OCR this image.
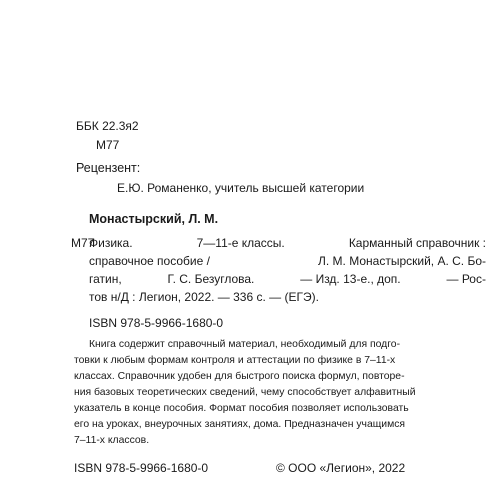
ББК 22.3я2
М77
Рецензент:
Е.Ю. Романенко, учитель высшей категории
Монастырский, Л. М.
М77
Физика.	7—11-е классы.	Карманный справочник :
справочное пособие /	Л. М. Монастырский, А. С. Бо-
гатин,	Г. С. Безуглова.	— Изд. 13-е., доп.	— Рос-
тов н/Д : Легион, 2022. — 336 с. — (ЕГЭ).
ISBN 978-5-9966-1680-0
Книга содержит справочный материал, необходимый для подго-
товки к любым формам контроля и аттестации по физике в 7–11-х
классах. Справочник удобен для быстрого поиска формул, повторе-
ния базовых теоретических сведений, чему способствует алфавитный
указатель в конце пособия. Формат пособия позволяет использовать
его на уроках, внеурочных занятиях, дома. Предназначен учащимся
7–11-х классов.
ISBN 978-5-9966-1680-0	© ООО «Легион», 2022
